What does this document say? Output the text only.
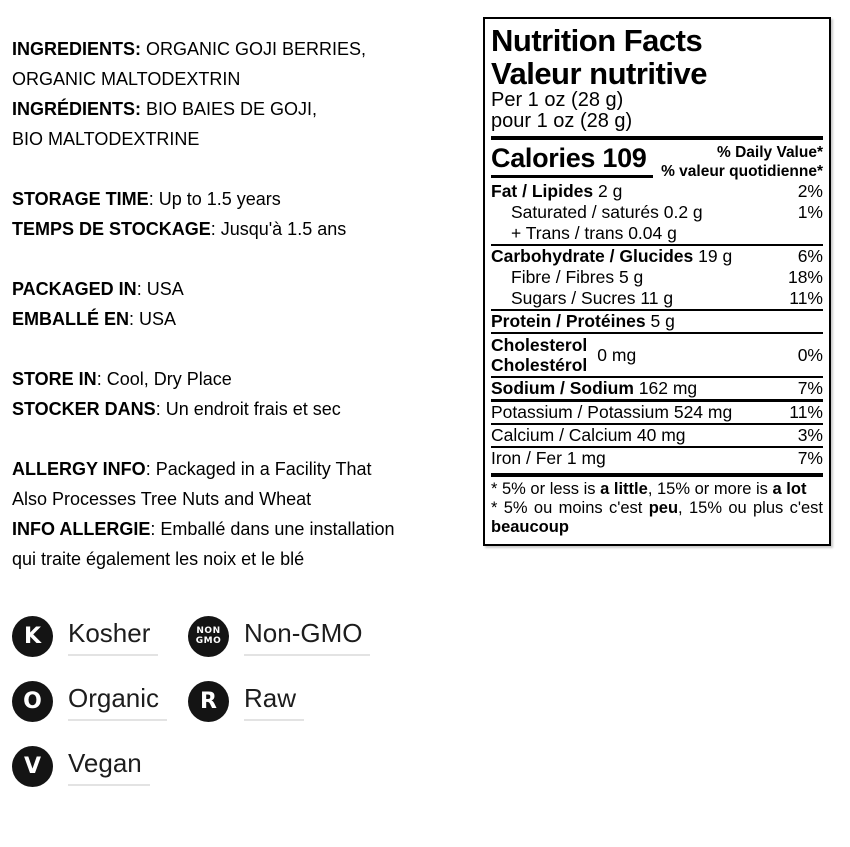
INGREDIENTS: ORGANIC GOJI BERRIES,
ORGANIC MALTODEXTRIN
INGRÉDIENTS: BIO BAIES DE GOJI,
BIO MALTODEXTRINE
STORAGE TIME: Up to 1.5 years
TEMPS DE STOCKAGE: Jusqu'à 1.5 ans
PACKAGED IN: USA
EMBALLÉ EN: USA
STORE IN: Cool, Dry Place
STOCKER DANS: Un endroit frais et sec
ALLERGY INFO: Packaged in a Facility That
Also Processes Tree Nuts and Wheat
INFO ALLERGIE: Emballé dans une installation
qui traite également les noix et le blé
Nutrition Facts
Valeur nutritive
Per 1 oz (28 g)
pour 1 oz (28 g)
Calories 109	% Daily Value*
% valeur quotidienne*
Fat / Lipides 2 g	2%
Saturated / saturés 0.2 g	1%
+ Trans / trans 0.04 g
Carbohydrate / Glucides 19 g	6%
Fibre / Fibres 5 g	18%
Sugars / Sucres 11 g	11%
Protein / Protéines 5 g
Cholesterol
Cholestérol
0 mg	0%
Sodium / Sodium 162 mg	7%
Potassium / Potassium 524 mg	11%
Calcium / Calcium 40 mg	3%
Iron / Fer 1 mg	7%
* 5% or less is a little, 15% or more is a lot
* 5% ou moins c'est peu, 15% ou plus c'est
beaucoup
K Kosher	NON
GMO Non-GMO
O Organic	R Raw
V Vegan
